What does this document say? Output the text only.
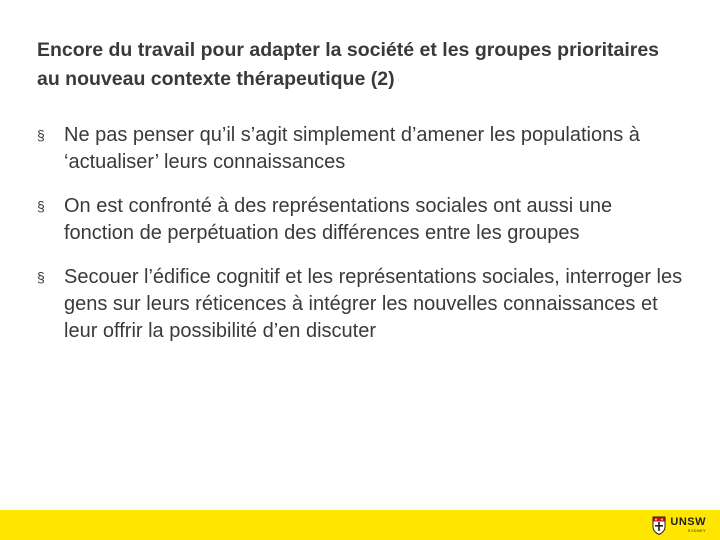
Encore du travail pour adapter la société et les groupes prioritaires au nouveau contexte thérapeutique (2)
§ Ne pas penser qu’il s’agit simplement d’amener les populations à ‘actualiser’ leurs connaissances
§ On est confronté à des représentations sociales ont aussi une fonction de perpétuation des différences entre les groupes
§ Secouer l’édifice cognitif et les représentations sociales, interroger les gens sur leurs réticences à intégrer les nouvelles connaissances et leur offrir la possibilité d’en discuter
UNSW
SYDNEY
